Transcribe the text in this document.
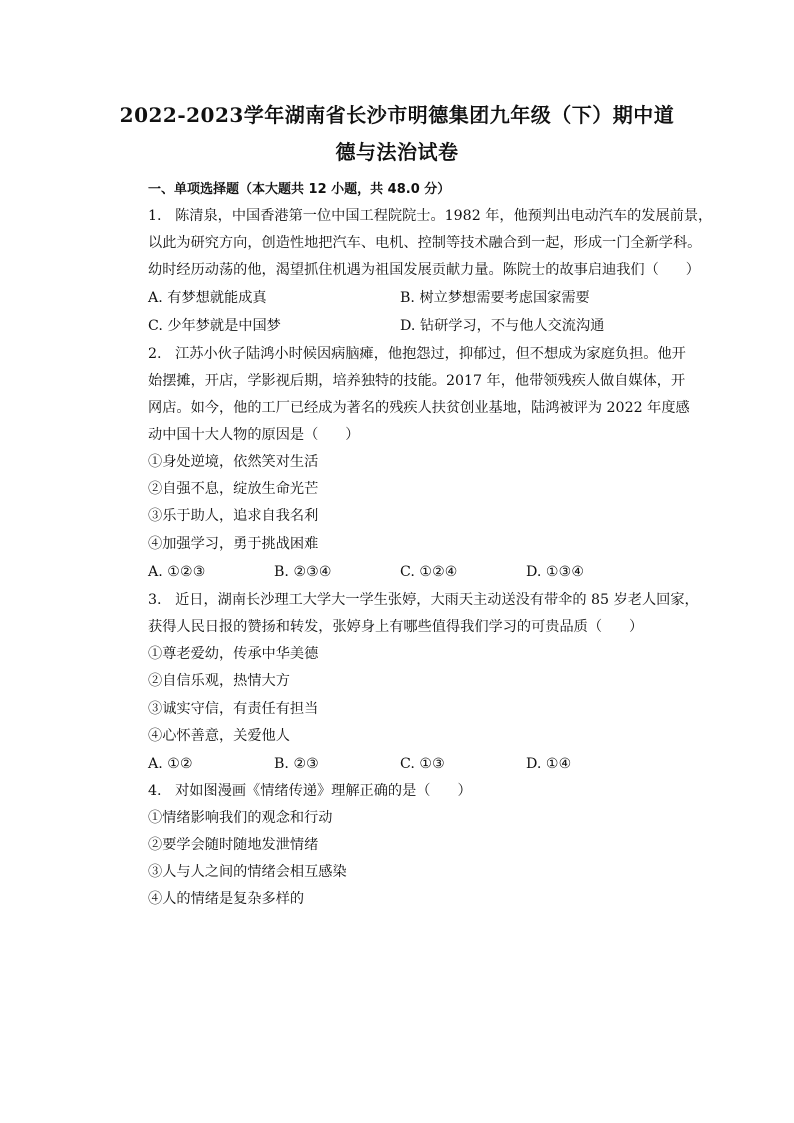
2022-2023学年湖南省长沙市明德集团九年级（下）期中道
德与法治试卷
一、单项选择题（本大题共 12 小题，共 48.0 分）
1.   陈清泉，中国香港第一位中国工程院院士。1982 年，他预判出电动汽车的发展前景，
以此为研究方向，创造性地把汽车、电机、控制等技术融合到一起，形成一门全新学科。
幼时经历动荡的他，渴望抓住机遇为祖国发展贡献力量。陈院士的故事启迪我们（      ）
A. 有梦想就能成真	B. 树立梦想需要考虑国家需要
C. 少年梦就是中国梦	D. 钻研学习，不与他人交流沟通
2.   江苏小伙子陆鸿小时候因病脑瘫，他抱怨过，抑郁过，但不想成为家庭负担。他开
始摆摊，开店，学影视后期，培养独特的技能。2017 年，他带领残疾人做自媒体，开
网店。如今，他的工厂已经成为著名的残疾人扶贫创业基地，陆鸿被评为 2022 年度感
动中国十大人物的原因是（      ）
①身处逆境，依然笑对生活
②自强不息，绽放生命光芒
③乐于助人，追求自我名利
④加强学习，勇于挑战困难
A. ①②③	B. ②③④	C. ①②④	D. ①③④
3.   近日，湖南长沙理工大学大一学生张婷，大雨天主动送没有带伞的 85 岁老人回家，
获得人民日报的赞扬和转发，张婷身上有哪些值得我们学习的可贵品质（      ）
①尊老爱幼，传承中华美德
②自信乐观，热情大方
③诚实守信，有责任有担当
④心怀善意，关爱他人
A. ①②	B. ②③	C. ①③	D. ①④
4.   对如图漫画《情绪传递》理解正确的是（      ）
①情绪影响我们的观念和行动
②要学会随时随地发泄情绪
③人与人之间的情绪会相互感染
④人的情绪是复杂多样的
